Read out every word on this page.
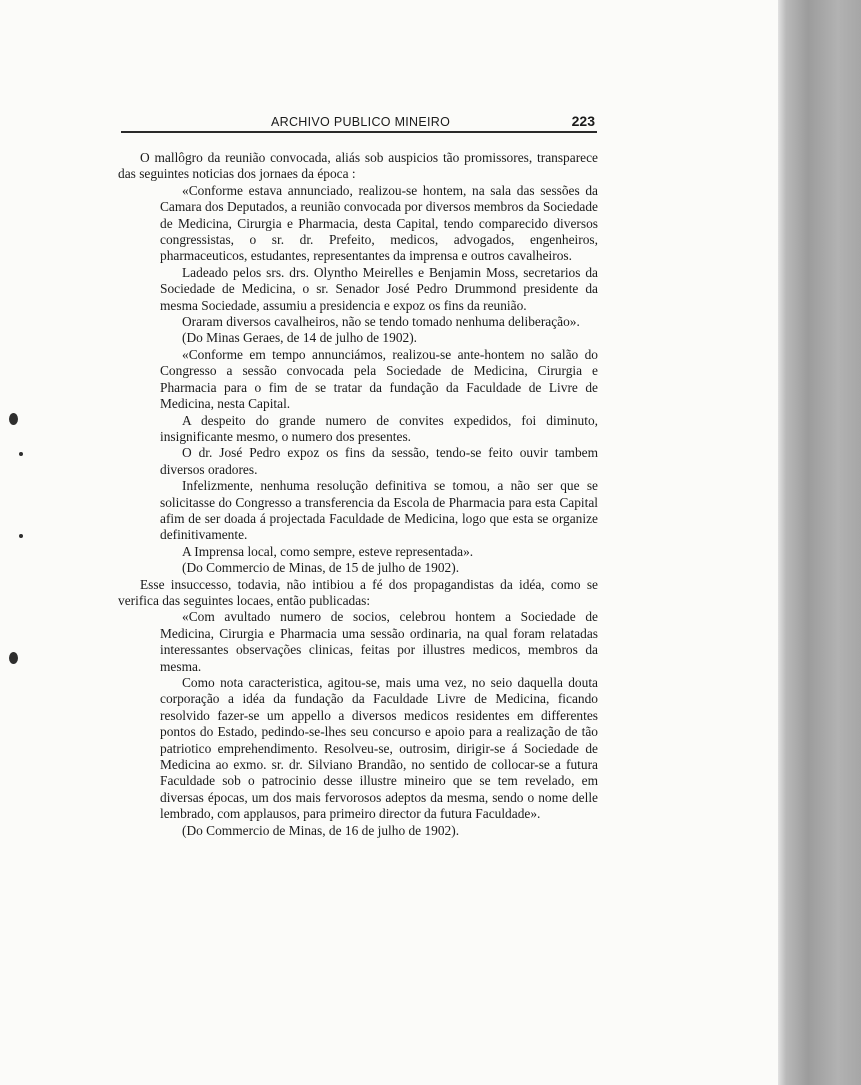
ARCHIVO PUBLICO MINEIRO	223

O mallôgro da reunião convocada, aliás sob auspicios tão promissores, transparece das seguintes noticias dos jornaes da época :

«Conforme estava annunciado, realizou-se hontem, na sala das sessões da Camara dos Deputados, a reunião convocada por diversos membros da Sociedade de Medicina, Cirurgia e Pharmacia, desta Capital, tendo comparecido diversos congressistas, o sr. dr. Prefeito, medicos, advogados, engenheiros, pharmaceuticos, estudantes, representantes da imprensa e outros cavalheiros.

Ladeado pelos srs. drs. Olyntho Meirelles e Benjamin Moss, secretarios da Sociedade de Medicina, o sr. Senador José Pedro Drummond presidente da mesma Sociedade, assumiu a presidencia e expoz os fins da reunião.

Oraram diversos cavalheiros, não se tendo tomado nenhuma deliberação».

(Do Minas Geraes, de 14 de julho de 1902).

«Conforme em tempo annunciámos, realizou-se ante-hontem no salão do Congresso a sessão convocada pela Sociedade de Medicina, Cirurgia e Pharmacia para o fim de se tratar da fundação da Faculdade de Livre de Medicina, nesta Capital.

A despeito do grande numero de convites expedidos, foi diminuto, insignificante mesmo, o numero dos presentes.

O dr. José Pedro expoz os fins da sessão, tendo-se feito ouvir tambem diversos oradores.

Infelizmente, nenhuma resolução definitiva se tomou, a não ser que se solicitasse do Congresso a transferencia da Escola de Pharmacia para esta Capital afim de ser doada á projectada Faculdade de Medicina, logo que esta se organize definitivamente.

A Imprensa local, como sempre, esteve representada».

(Do Commercio de Minas, de 15 de julho de 1902).

Esse insuccesso, todavia, não intibiou a fé dos propagandistas da idéa, como se verifica das seguintes locaes, então publicadas:

«Com avultado numero de socios, celebrou hontem a Sociedade de Medicina, Cirurgia e Pharmacia uma sessão ordinaria, na qual foram relatadas interessantes observações clinicas, feitas por illustres medicos, membros da mesma.

Como nota caracteristica, agitou-se, mais uma vez, no seio daquella douta corporação a idéa da fundação da Faculdade Livre de Medicina, ficando resolvido fazer-se um appello a diversos medicos residentes em differentes pontos do Estado, pedindo-se-lhes seu concurso e apoio para a realização de tão patriotico emprehendimento. Resolveu-se, outrosim, dirigir-se á Sociedade de Medicina ao exmo. sr. dr. Silviano Brandão, no sentido de collocar-se a futura Faculdade sob o patrocinio desse illustre mineiro que se tem revelado, em diversas épocas, um dos mais fervorosos adeptos da mesma, sendo o nome delle lembrado, com applausos, para primeiro director da futura Faculdade».

(Do Commercio de Minas, de 16 de julho de 1902).
